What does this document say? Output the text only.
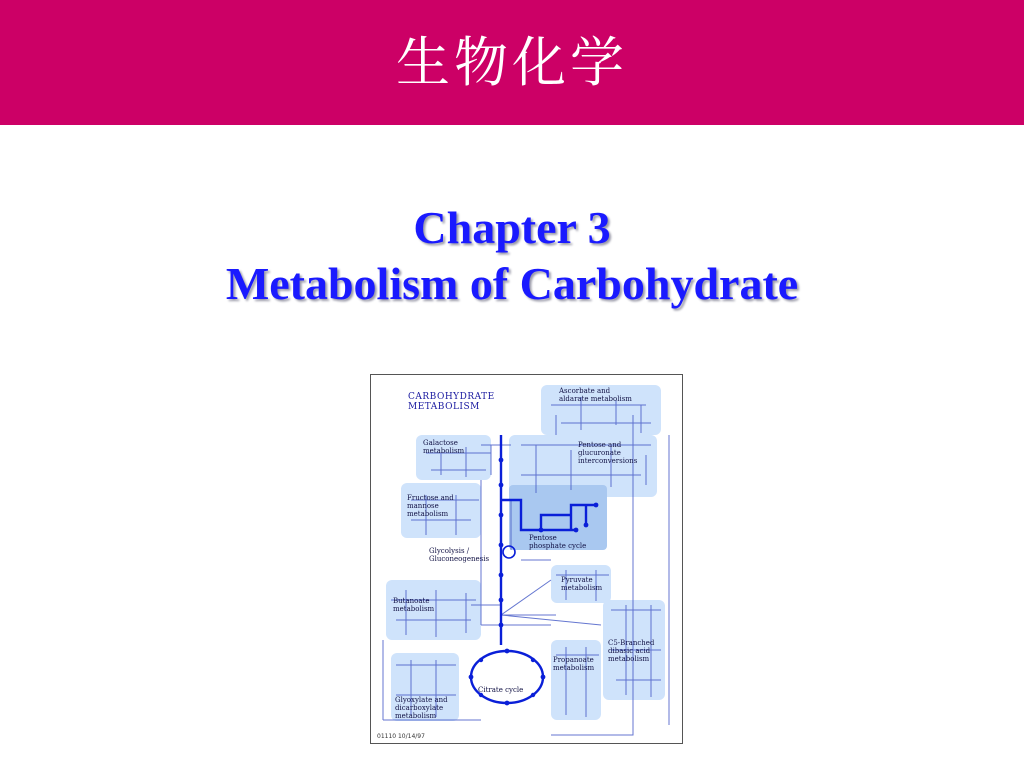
生物化学
Chapter 3
Metabolism of Carbohydrate
CARBOHYDRATE
METABOLISM
Ascorbate and
aldarate metabolism
Galactose
metabolism
Pentose and
glucuronate
interconversions
Fructose and
mannose
metabolism
Pentose
phosphate cycle
Glycolysis /
Gluconeogenesis
Pyruvate
metabolism
Butanoate
metabolism
C5-Branched
dibasic acid
metabolism
Propanoate
metabolism
Citrate cycle
Glyoxylate and
dicarboxylate
metabolism
01110 10/14/97
